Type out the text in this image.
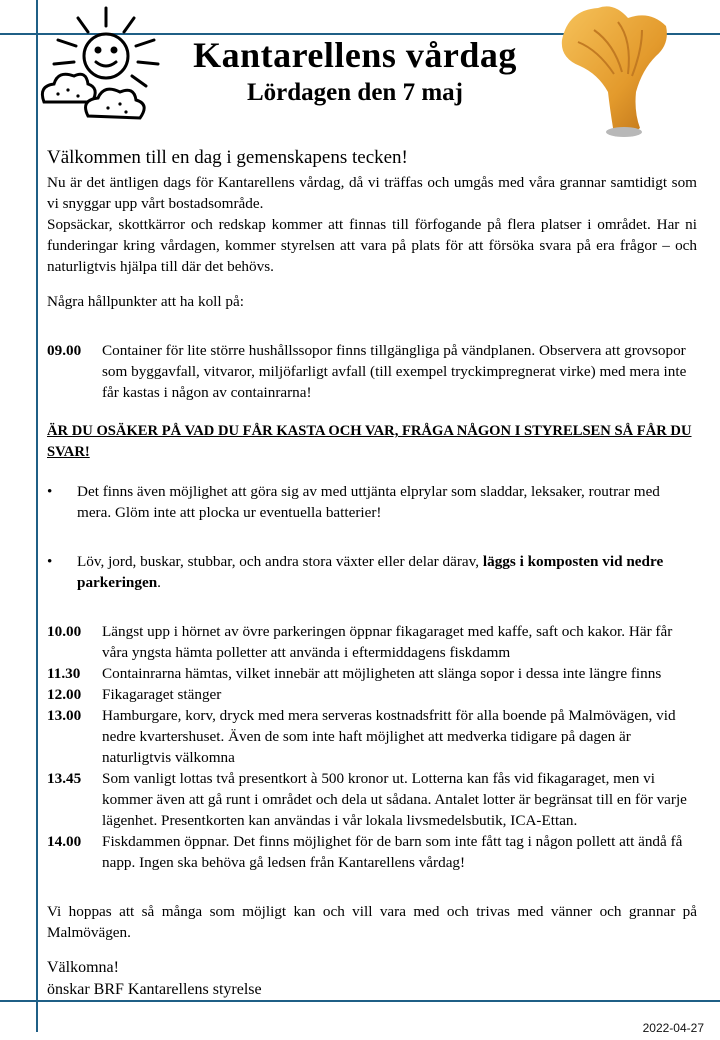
Kantarellens vårdag
Lördagen den 7 maj
Välkommen till en dag i gemenskapens tecken!
Nu är det äntligen dags för Kantarellens vårdag, då vi träffas och umgås med våra grannar samtidigt som vi snyggar upp vårt bostadsområde.
Sopsäckar, skottkärror och redskap kommer att finnas till förfogande på flera platser i området. Har ni funderingar kring vårdagen, kommer styrelsen att vara på plats för att försöka svara på era frågor – och naturligtvis hjälpa till där det behövs.
Några hållpunkter att ha koll på:
09.00	Container för lite större hushållssopor finns tillgängliga på vändplanen. Observera att grovsopor som byggavfall, vitvaror, miljöfarligt avfall (till exempel tryckimpregnerat virke) med mera inte får kastas i någon av containrarna!
ÄR DU OSÄKER PÅ VAD DU FÅR KASTA OCH VAR, FRÅGA NÅGON I STYRELSEN SÅ FÅR DU SVAR!
•	Det finns även möjlighet att göra sig av med uttjänta elprylar som sladdar, leksaker, routrar med mera. Glöm inte att plocka ur eventuella batterier!
•	Löv, jord, buskar, stubbar, och andra stora växter eller delar därav, läggs i komposten vid nedre parkeringen.
10.00	Längst upp i hörnet av övre parkeringen öppnar fikagaraget med kaffe, saft och kakor. Här får våra yngsta hämta polletter att använda i eftermiddagens fiskdamm
11.30	Containrarna hämtas, vilket innebär att möjligheten att slänga sopor i dessa inte längre finns
12.00	Fikagaraget stänger
13.00	Hamburgare, korv, dryck med mera serveras kostnadsfritt för alla boende på Malmövägen, vid nedre kvartershuset. Även de som inte haft möjlighet att medverka tidigare på dagen är naturligtvis välkomna
13.45	Som vanligt lottas två presentkort à 500 kronor ut. Lotterna kan fås vid fikagaraget, men vi kommer även att gå runt i området och dela ut sådana. Antalet lotter är begränsat till en för varje lägenhet. Presentkorten kan användas i vår lokala livsmedelsbutik, ICA-Ettan.
14.00	Fiskdammen öppnar. Det finns möjlighet för de barn som inte fått tag i någon pollett att ändå få napp. Ingen ska behöva gå ledsen från Kantarellens vårdag!
Vi hoppas att så många som möjligt kan och vill vara med och trivas med vänner och grannar på Malmövägen.
Välkomna!
önskar BRF Kantarellens styrelse
2022-04-27
